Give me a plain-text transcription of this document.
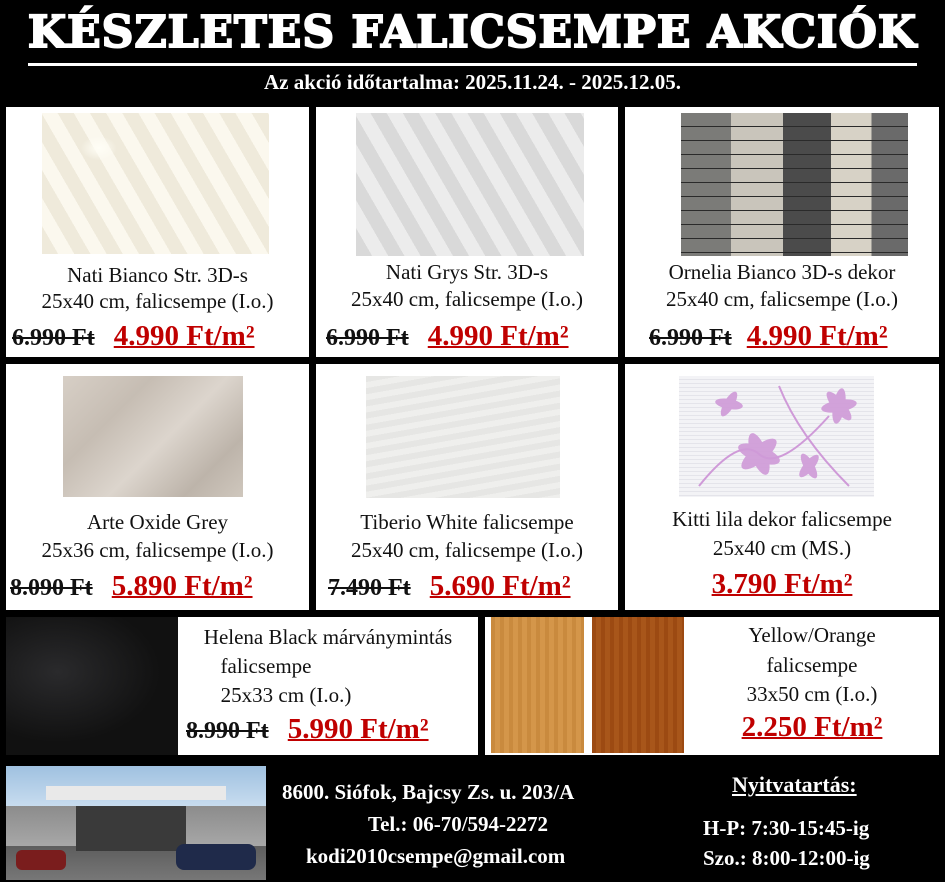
KÉSZLETES FALICSEMPE AKCIÓK
Az akció időtartalma: 2025.11.24. - 2025.12.05.
Nati Bianco Str. 3D-s
25x40 cm, falicsempe (I.o.)
6.990 Ft 4.990 Ft/m²
Nati Grys Str. 3D-s
25x40 cm, falicsempe (I.o.)
6.990 Ft 4.990 Ft/m²
Ornelia Bianco 3D-s dekor
25x40 cm, falicsempe (I.o.)
6.990 Ft 4.990 Ft/m²
Arte Oxide Grey
25x36 cm, falicsempe (I.o.)
8.090 Ft 5.890 Ft/m²
Tiberio White falicsempe
25x40 cm, falicsempe (I.o.)
7.490 Ft 5.690 Ft/m²
Kitti lila dekor falicsempe
25x40 cm (MS.)
3.790 Ft/m²
Helena Black márványmintás
falicsempe
25x33 cm (I.o.)
8.990 Ft 5.990 Ft/m²
Yellow/Orange
falicsempe
33x50 cm (I.o.)
2.250 Ft/m²
8600. Siófok, Bajcsy Zs. u. 203/A
Tel.: 06-70/594-2272
kodi2010csempe@gmail.com
Nyitvatartás:
H-P: 7:30-15:45-ig
Szo.: 8:00-12:00-ig
